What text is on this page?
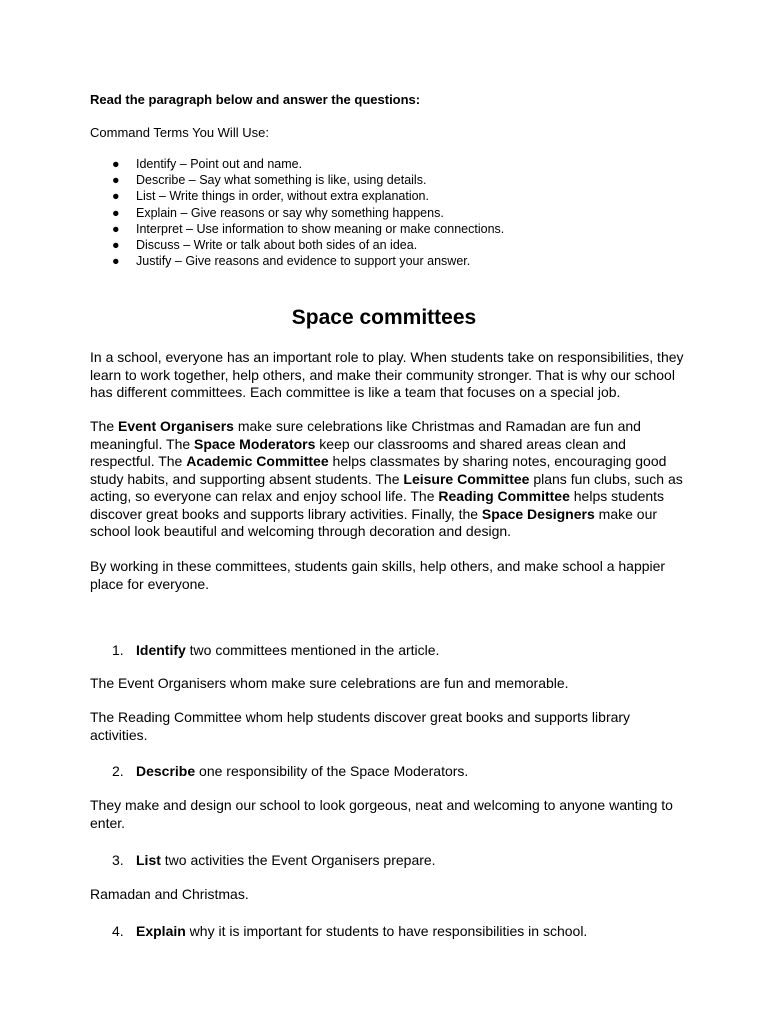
Read the paragraph below and answer the questions:

Command Terms You Will Use:

● Identify – Point out and name.
● Describe – Say what something is like, using details.
● List – Write things in order, without extra explanation.
● Explain – Give reasons or say why something happens.
● Interpret – Use information to show meaning or make connections.
● Discuss – Write or talk about both sides of an idea.
● Justify – Give reasons and evidence to support your answer.
Space committees

In a school, everyone has an important role to play. When students take on responsibilities, they

learn to work together, help others, and make their community stronger. That is why our school

has different committees. Each committee is like a team that focuses on a special job.

The Event Organisers make sure celebrations like Christmas and Ramadan are fun and

meaningful. The Space Moderators keep our classrooms and shared areas clean and

respectful. The Academic Committee helps classmates by sharing notes, encouraging good

study habits, and supporting absent students. The Leisure Committee plans fun clubs, such as

acting, so everyone can relax and enjoy school life. The Reading Committee helps students

discover great books and supports library activities. Finally, the Space Designers make our

school look beautiful and welcoming through decoration and design.

By working in these committees, students gain skills, help others, and make school a happier

place for everyone.

1. Identify two committees mentioned in the article.

The Event Organisers whom make sure celebrations are fun and memorable.

The Reading Committee whom help students discover great books and supports library

activities.

2. Describe one responsibility of the Space Moderators.

They make and design our school to look gorgeous, neat and welcoming to anyone wanting to

enter.

3. List two activities the Event Organisers prepare.

Ramadan and Christmas.

4. Explain why it is important for students to have responsibilities in school.
